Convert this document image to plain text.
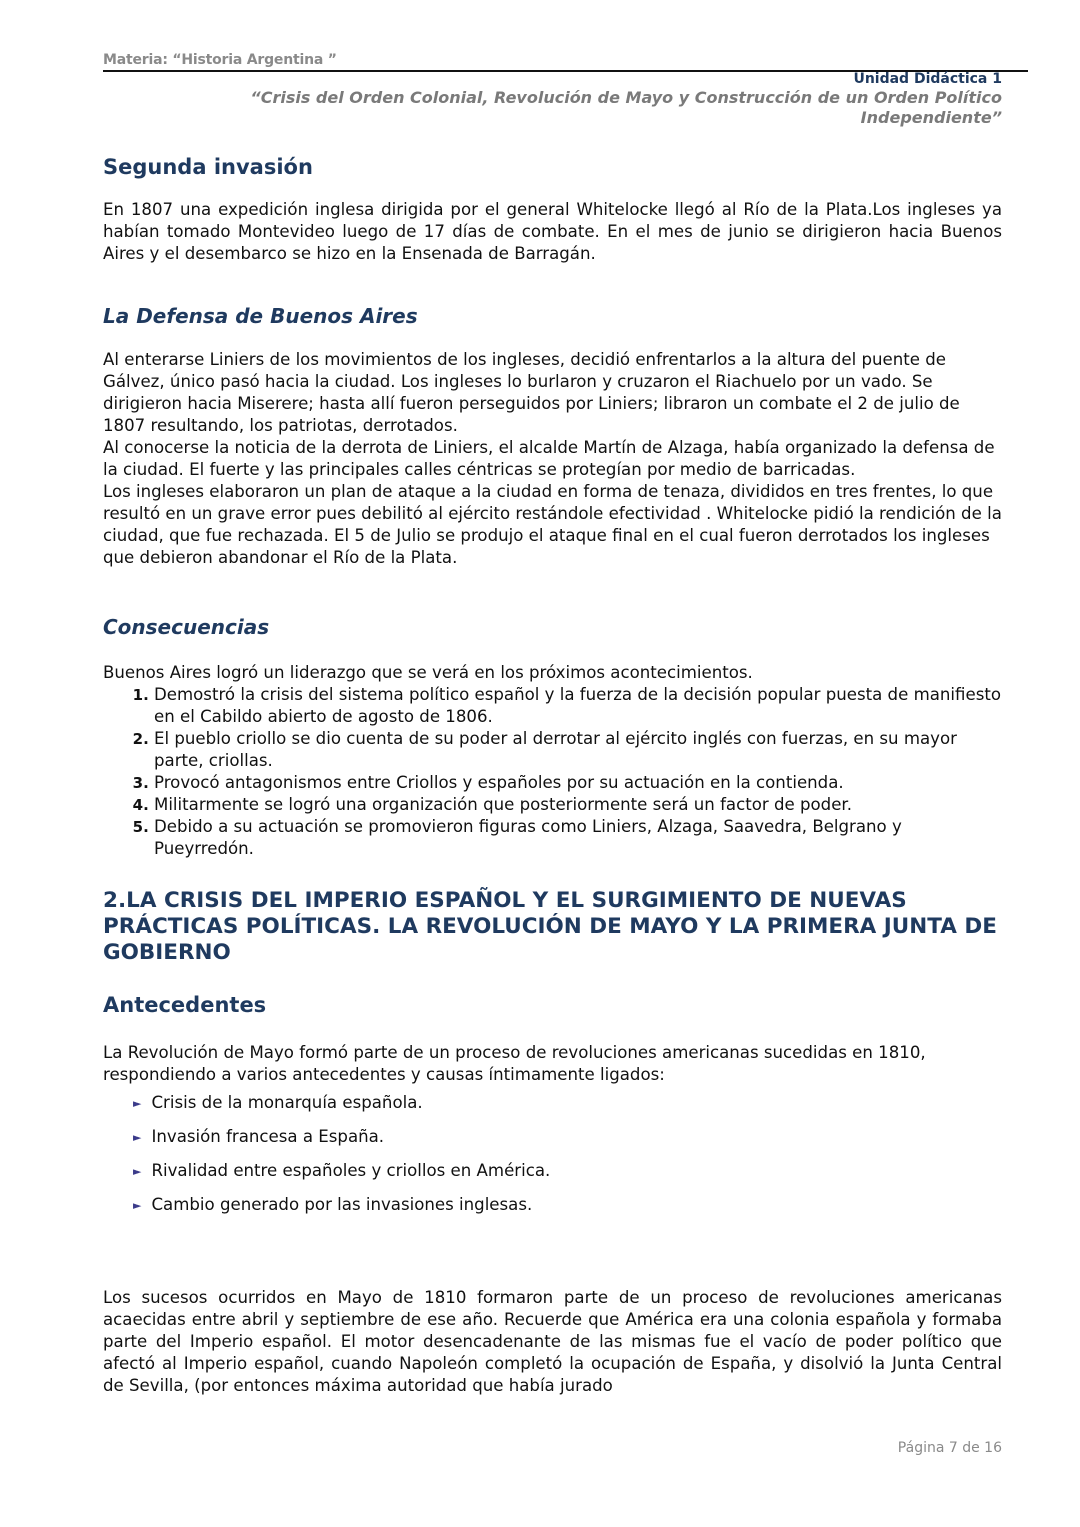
Materia: “Historia Argentina ”
Unidad Didáctica 1
“Crisis del Orden Colonial, Revolución de Mayo y Construcción de un Orden Político Independiente”
Segunda invasión

En 1807 una expedición inglesa dirigida por el general Whitelocke llegó al Río de la Plata.Los ingleses ya habían tomado Montevideo luego de 17 días de combate. En el mes de junio se dirigieron hacia Buenos Aires y el desembarco se hizo en la Ensenada de Barragán.

La Defensa de Buenos Aires

Al enterarse Liniers de los movimientos de los ingleses, decidió enfrentarlos a la altura del puente de Gálvez, único pasó hacia la ciudad. Los ingleses lo burlaron y cruzaron el Riachuelo por un vado. Se dirigieron hacia Miserere; hasta allí fueron perseguidos por Liniers; libraron un combate el 2 de julio de 1807 resultando, los patriotas, derrotados.

Al conocerse la noticia de la derrota de Liniers, el alcalde Martín de Alzaga, había organizado la defensa de la ciudad. El fuerte y las principales calles céntricas se protegían por medio de barricadas.

Los ingleses elaboraron un plan de ataque a la ciudad en forma de tenaza, divididos en tres frentes, lo que resultó en un grave error pues debilitó al ejército restándole efectividad . Whitelocke pidió la rendición de la ciudad, que fue rechazada. El 5 de Julio se produjo el ataque final en el cual fueron derrotados los ingleses que debieron abandonar el Río de la Plata.

Consecuencias

Buenos Aires logró un liderazgo que se verá en los próximos acontecimientos.

1. Demostró la crisis del sistema político español y la fuerza de la decisión popular puesta de manifiesto en el Cabildo abierto de agosto de 1806.
2. El pueblo criollo se dio cuenta de su poder al derrotar al ejército inglés con fuerzas, en su mayor parte, criollas.
3. Provocó antagonismos entre Criollos y españoles por su actuación en la contienda.
4. Militarmente se logró una organización que posteriormente será un factor de poder.
5. Debido a su actuación se promovieron figuras como Liniers, Alzaga, Saavedra, Belgrano y Pueyrredón.
2.LA CRISIS DEL IMPERIO ESPAÑOL Y EL SURGIMIENTO DE NUEVAS PRÁCTICAS POLÍTICAS. LA REVOLUCIÓN DE MAYO Y LA PRIMERA JUNTA DE GOBIERNO
Antecedentes

La Revolución de Mayo formó parte de un proceso de revoluciones americanas sucedidas en 1810,

respondiendo a varios antecedentes y causas íntimamente ligados:

► Crisis de la monarquía española.
► Invasión francesa a España.
► Rivalidad entre españoles y criollos en América.
► Cambio generado por las invasiones inglesas.

Los sucesos ocurridos en Mayo de 1810 formaron parte de un proceso de revoluciones americanas acaecidas entre abril y septiembre de ese año. Recuerde que América era una colonia española y formaba parte del Imperio español. El motor desencadenante de las mismas fue el vacío de poder político que afectó al Imperio español, cuando Napoleón completó la ocupación de España, y disolvió la Junta Central de Sevilla, (por entonces máxima autoridad que había jurado

Página 7 de 16
